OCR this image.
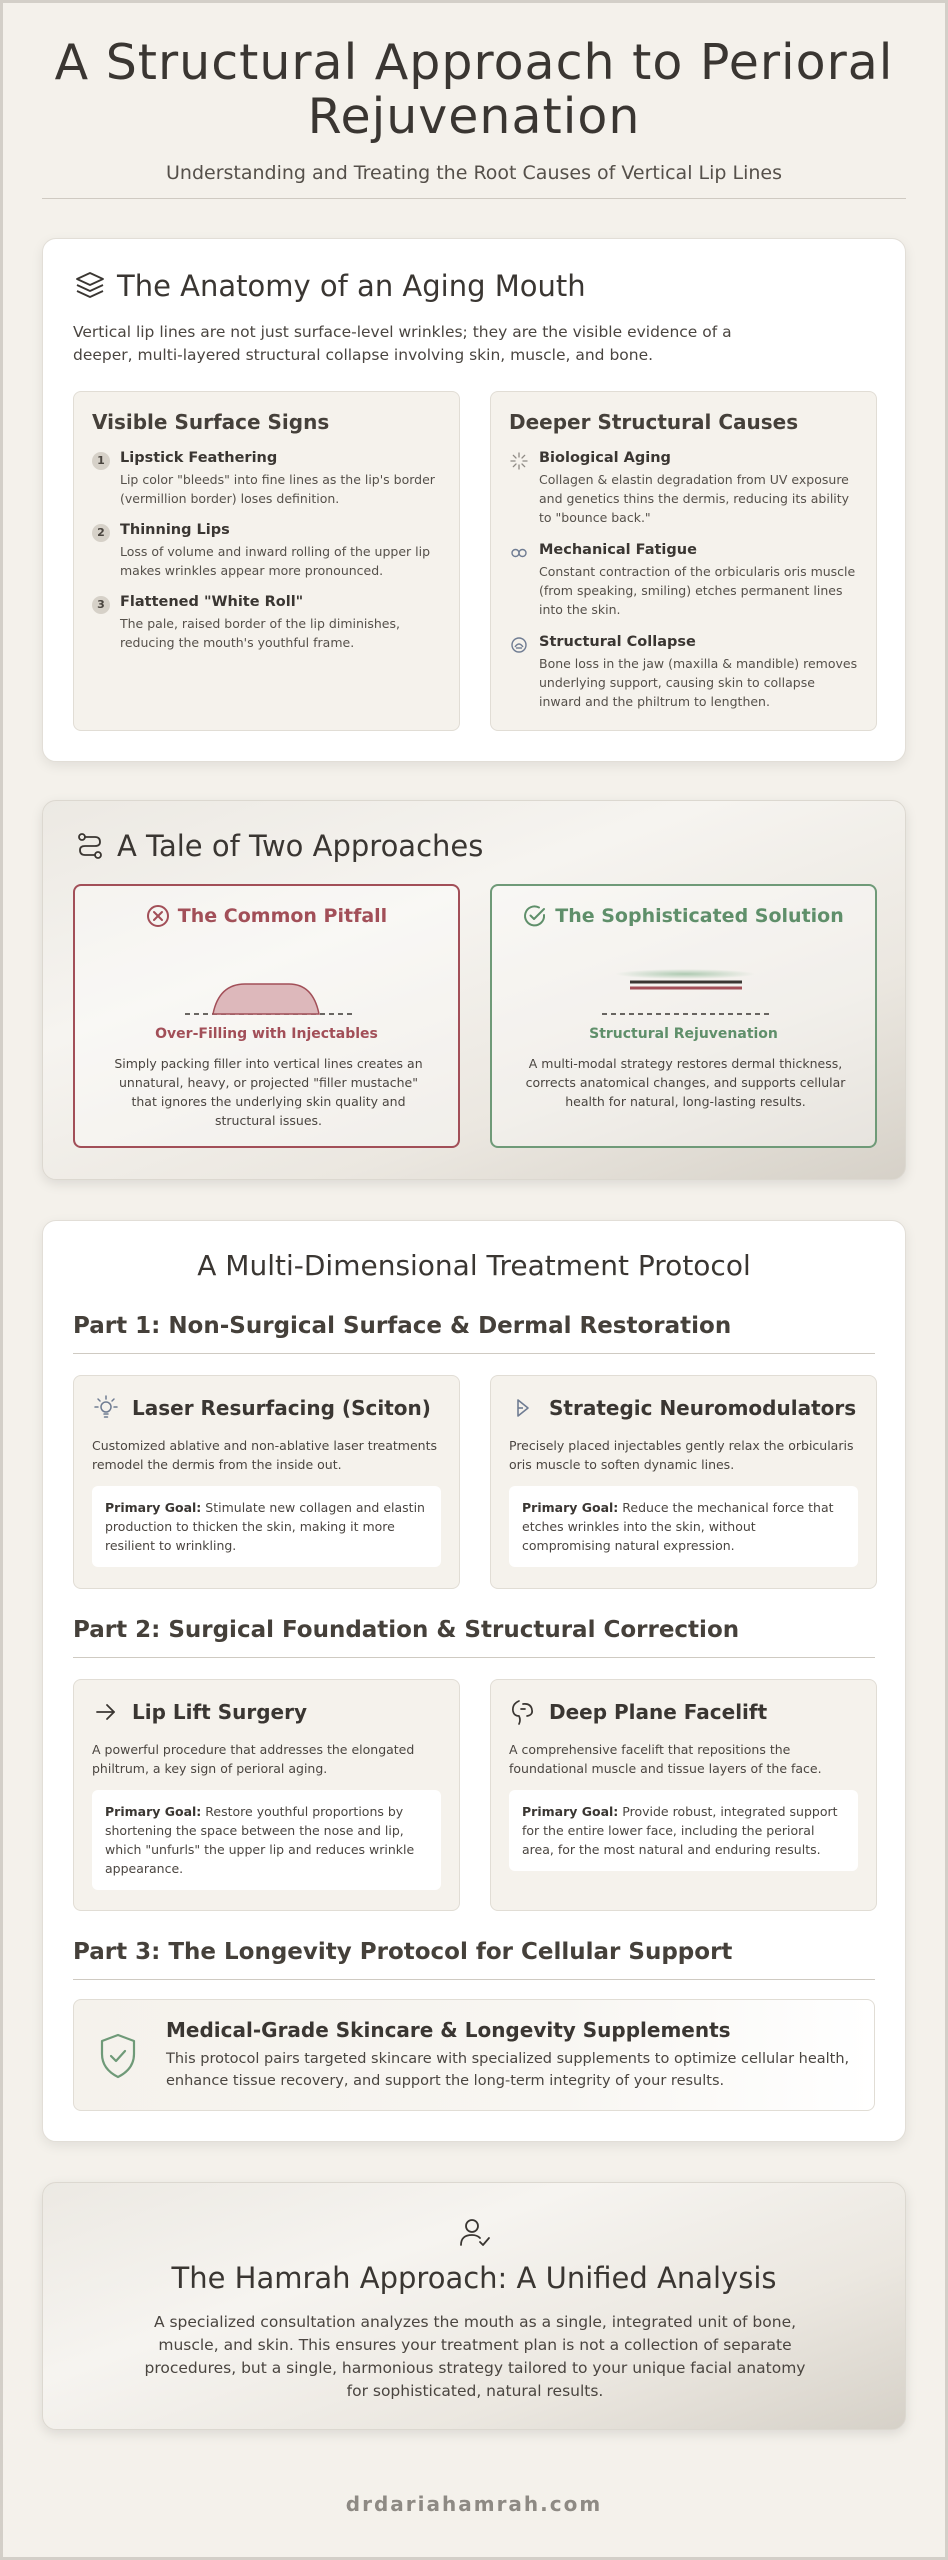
A Structural Approach to Perioral Rejuvenation
Understanding and Treating the Root Causes of Vertical Lip Lines
The Anatomy of an Aging Mouth

Vertical lip lines are not just surface-level wrinkles; they are the visible evidence of a deeper, multi-layered structural collapse involving skin, muscle, and bone.

Visible Surface Signs
1	Lipstick Feathering
Lip color "bleeds" into fine lines as the lip's border (vermillion border) loses definition.
2	Thinning Lips
Loss of volume and inward rolling of the upper lip makes wrinkles appear more pronounced.
3	Flattened "White Roll"
The pale, raised border of the lip diminishes, reducing the mouth's youthful frame.
Deeper Structural Causes
Biological Aging
Collagen & elastin degradation from UV exposure and genetics thins the dermis, reducing its ability to "bounce back."
Mechanical Fatigue
Constant contraction of the orbicularis oris muscle (from speaking, smiling) etches permanent lines into the skin.
Structural Collapse
Bone loss in the jaw (maxilla & mandible) removes underlying support, causing skin to collapse inward and the philtrum to lengthen.
A Tale of Two Approaches
The Common Pitfall
Over-Filling with Injectables
Simply packing filler into vertical lines creates an unnatural, heavy, or projected "filler mustache" that ignores the underlying skin quality and structural issues.
The Sophisticated Solution
Structural Rejuvenation
A multi-modal strategy restores dermal thickness, corrects anatomical changes, and supports cellular health for natural, long-lasting results.
A Multi-Dimensional Treatment Protocol
Part 1: Non-Surgical Surface & Dermal Restoration
Laser Resurfacing (Sciton)
Customized ablative and non-ablative laser treatments remodel the dermis from the inside out.
Primary Goal: Stimulate new collagen and elastin production to thicken the skin, making it more resilient to wrinkling.
Strategic Neuromodulators
Precisely placed injectables gently relax the orbicularis oris muscle to soften dynamic lines.
Primary Goal: Reduce the mechanical force that etches wrinkles into the skin, without compromising natural expression.
Part 2: Surgical Foundation & Structural Correction
Lip Lift Surgery
A powerful procedure that addresses the elongated philtrum, a key sign of perioral aging.
Primary Goal: Restore youthful proportions by shortening the space between the nose and lip, which "unfurls" the upper lip and reduces wrinkle appearance.
Deep Plane Facelift
A comprehensive facelift that repositions the foundational muscle and tissue layers of the face.
Primary Goal: Provide robust, integrated support for the entire lower face, including the perioral area, for the most natural and enduring results.
Part 3: The Longevity Protocol for Cellular Support
Medical-Grade Skincare & Longevity Supplements
This protocol pairs targeted skincare with specialized supplements to optimize cellular health, enhance tissue recovery, and support the long-term integrity of your results.
The Hamrah Approach: A Unified Analysis
A specialized consultation analyzes the mouth as a single, integrated unit of bone, muscle, and skin. This ensures your treatment plan is not a collection of separate procedures, but a single, harmonious strategy tailored to your unique facial anatomy for sophisticated, natural results.
drdariahamrah.com
